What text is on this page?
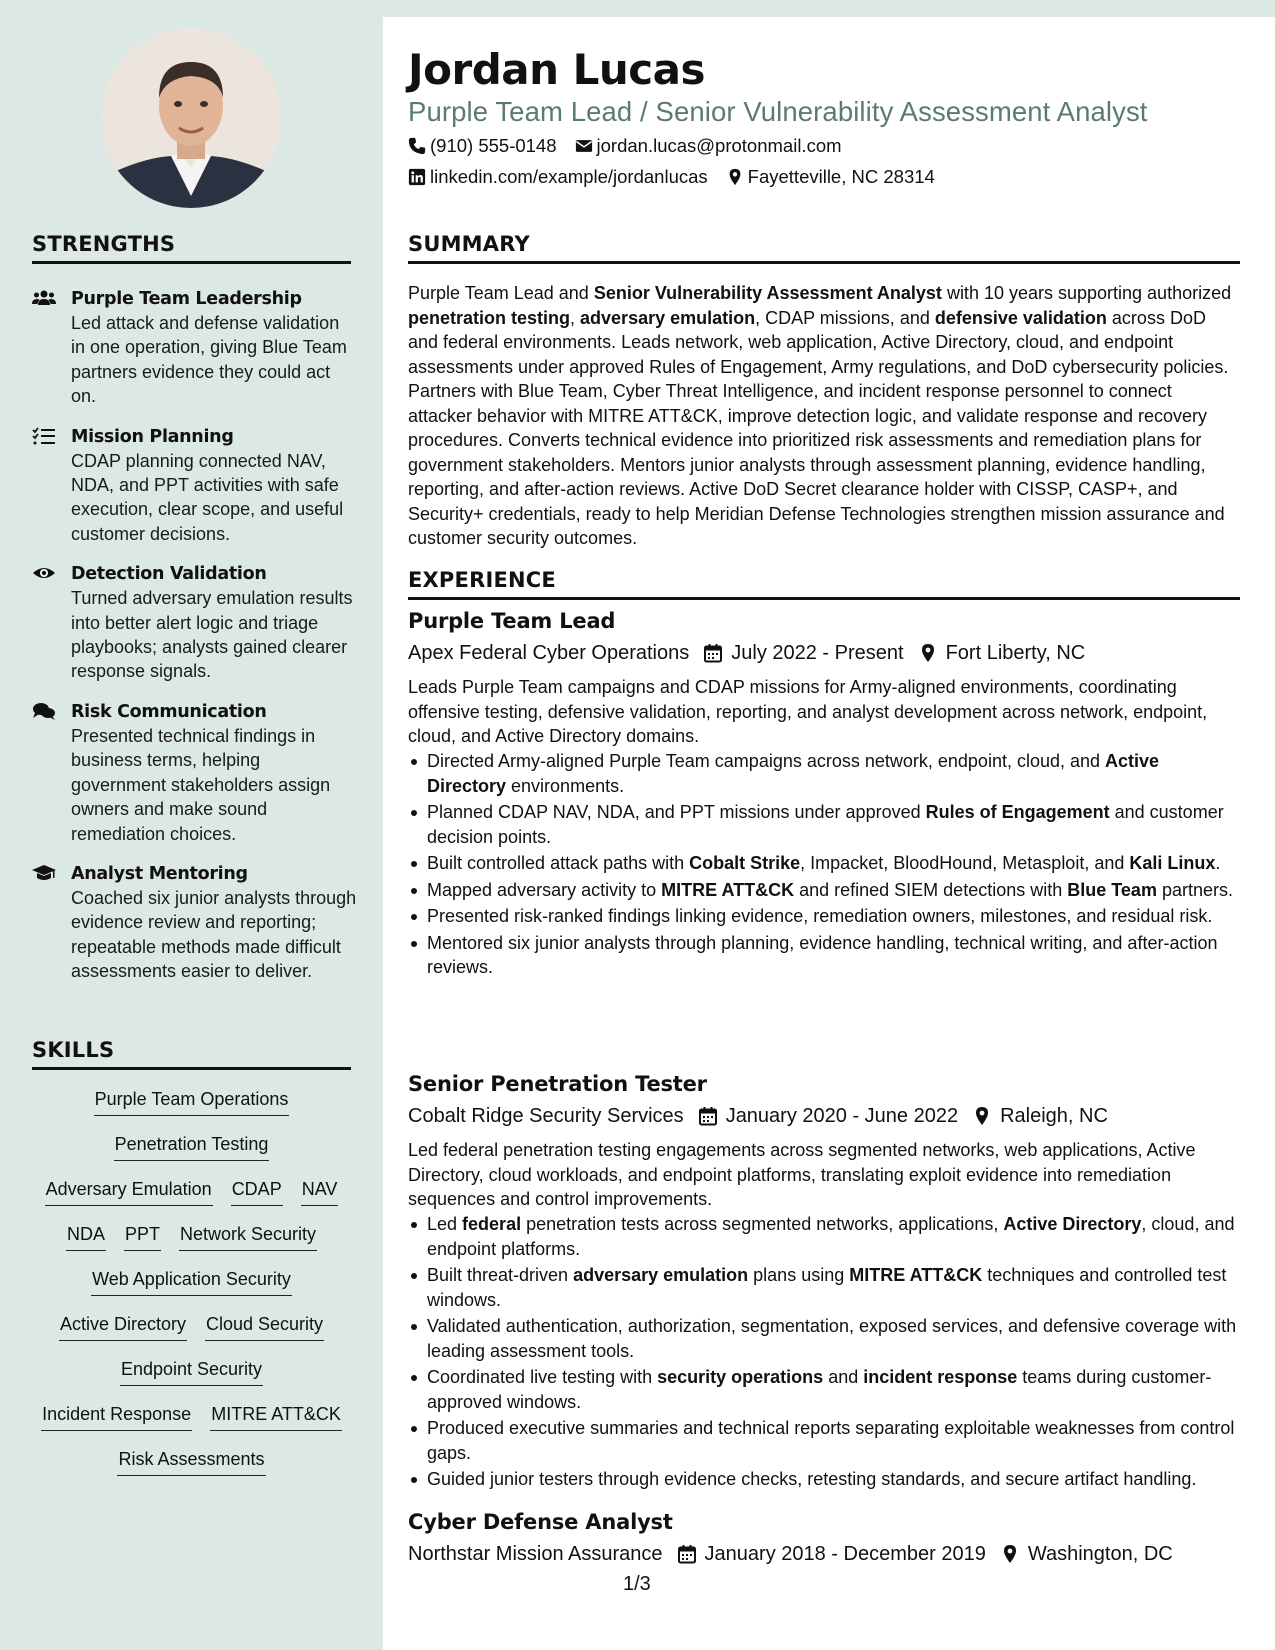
STRENGTHS
Purple Team Leadership
Led attack and defense validation in one operation, giving Blue Team partners evidence they could act on.
Mission Planning
CDAP planning connected NAV, NDA, and PPT activities with safe execution, clear scope, and useful customer decisions.
Detection Validation
Turned adversary emulation results into better alert logic and triage playbooks; analysts gained clearer response signals.
Risk Communication
Presented technical findings in business terms, helping government stakeholders assign owners and make sound remediation choices.
Analyst Mentoring
Coached six junior analysts through evidence review and reporting; repeatable methods made difficult assessments easier to deliver.
SKILLS
Purple Team Operations
Penetration Testing
Adversary Emulation CDAP NAV
NDA PPT Network Security
Web Application Security
Active Directory Cloud Security
Endpoint Security
Incident Response MITRE ATT&CK
Risk Assessments
Jordan Lucas
Purple Team Lead / Senior Vulnerability Assessment Analyst
(910) 555-0148 jordan.lucas@protonmail.com
linkedin.com/example/jordanlucas Fayetteville, NC 28314
SUMMARY
Purple Team Lead and Senior Vulnerability Assessment Analyst with 10 years supporting authorized penetration testing, adversary emulation, CDAP missions, and defensive validation across DoD and federal environments. Leads network, web application, Active Directory, cloud, and endpoint assessments under approved Rules of Engagement, Army regulations, and DoD cybersecurity policies. Partners with Blue Team, Cyber Threat Intelligence, and incident response personnel to connect attacker behavior with MITRE ATT&CK, improve detection logic, and validate response and recovery procedures. Converts technical evidence into prioritized risk assessments and remediation plans for government stakeholders. Mentors junior analysts through assessment planning, evidence handling, reporting, and after-action reviews. Active DoD Secret clearance holder with CISSP, CASP+, and Security+ credentials, ready to help Meridian Defense Technologies strengthen mission assurance and customer security outcomes.
EXPERIENCE
Purple Team Lead
Apex Federal Cyber Operations July 2022 - Present Fort Liberty, NC
Leads Purple Team campaigns and CDAP missions for Army-aligned environments, coordinating offensive testing, defensive validation, reporting, and analyst development across network, endpoint, cloud, and Active Directory domains.
Directed Army-aligned Purple Team campaigns across network, endpoint, cloud, and Active Directory environments.
Planned CDAP NAV, NDA, and PPT missions under approved Rules of Engagement and customer decision points.
Built controlled attack paths with Cobalt Strike, Impacket, BloodHound, Metasploit, and Kali Linux.
Mapped adversary activity to MITRE ATT&CK and refined SIEM detections with Blue Team partners.
Presented risk-ranked findings linking evidence, remediation owners, milestones, and residual risk.
Mentored six junior analysts through planning, evidence handling, technical writing, and after-action reviews.
Senior Penetration Tester
Cobalt Ridge Security Services January 2020 - June 2022 Raleigh, NC
Led federal penetration testing engagements across segmented networks, web applications, Active Directory, cloud workloads, and endpoint platforms, translating exploit evidence into remediation sequences and control improvements.
Led federal penetration tests across segmented networks, applications, Active Directory, cloud, and endpoint platforms.
Built threat-driven adversary emulation plans using MITRE ATT&CK techniques and controlled test windows.
Validated authentication, authorization, segmentation, exposed services, and defensive coverage with leading assessment tools.
Coordinated live testing with security operations and incident response teams during customer-approved windows.
Produced executive summaries and technical reports separating exploitable weaknesses from control gaps.
Guided junior testers through evidence checks, retesting standards, and secure artifact handling.
Cyber Defense Analyst
Northstar Mission Assurance January 2018 - December 2019 Washington, DC
1/3
